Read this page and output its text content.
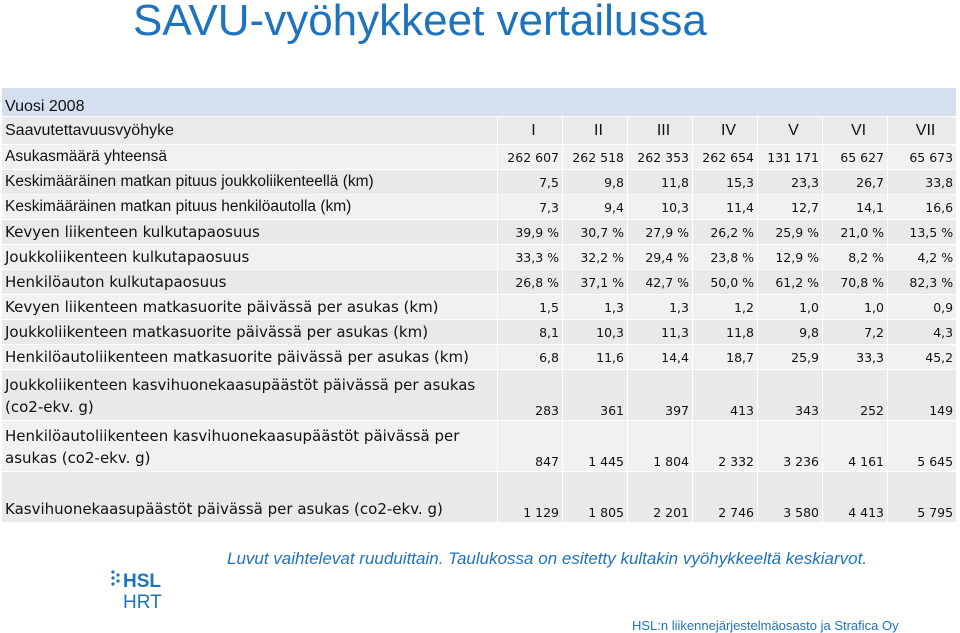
SAVU-vyöhykkeet vertailussa
Vuosi 2008							
Saavutettavuusvyöhyke	I	II	III	IV	V	VI	VII
Asukasmäärä yhteensä	262 607	262 518	262 353	262 654	131 171	65 627	65 673
Keskimääräinen matkan pituus joukkoliikenteellä (km)	7,5	9,8	11,8	15,3	23,3	26,7	33,8
Keskimääräinen matkan pituus henkilöautolla (km)	7,3	9,4	10,3	11,4	12,7	14,1	16,6
Kevyen liikenteen kulkutapaosuus	39,9 %	30,7 %	27,9 %	26,2 %	25,9 %	21,0 %	13,5 %
Joukkoliikenteen kulkutapaosuus	33,3 %	32,2 %	29,4 %	23,8 %	12,9 %	8,2 %	4,2 %
Henkilöauton kulkutapaosuus	26,8 %	37,1 %	42,7 %	50,0 %	61,2 %	70,8 %	82,3 %
Kevyen liikenteen matkasuorite päivässä per asukas (km)	1,5	1,3	1,3	1,2	1,0	1,0	0,9
Joukkoliikenteen matkasuorite päivässä per asukas (km)	8,1	10,3	11,3	11,8	9,8	7,2	4,3
Henkilöautoliikenteen matkasuorite päivässä per asukas (km)	6,8	11,6	14,4	18,7	25,9	33,3	45,2
Joukkoliikenteen kasvihuonekaasupäästöt päivässä per asukas (co2-ekv. g)	283	361	397	413	343	252	149
Henkilöautoliikenteen kasvihuonekaasupäästöt päivässä per asukas (co2-ekv. g)	847	1 445	1 804	2 332	3 236	4 161	5 645
Kasvihuonekaasupäästöt päivässä per asukas (co2-ekv. g)	1 129	1 805	2 201	2 746	3 580	4 413	5 795
Luvut vaihtelevat ruuduittain. Taulukossa on esitetty kultakin vyöhykkeeltä keskiarvot.
HSL
HRT
HSL:n liikennejärjestelmäosasto ja Strafica Oy
